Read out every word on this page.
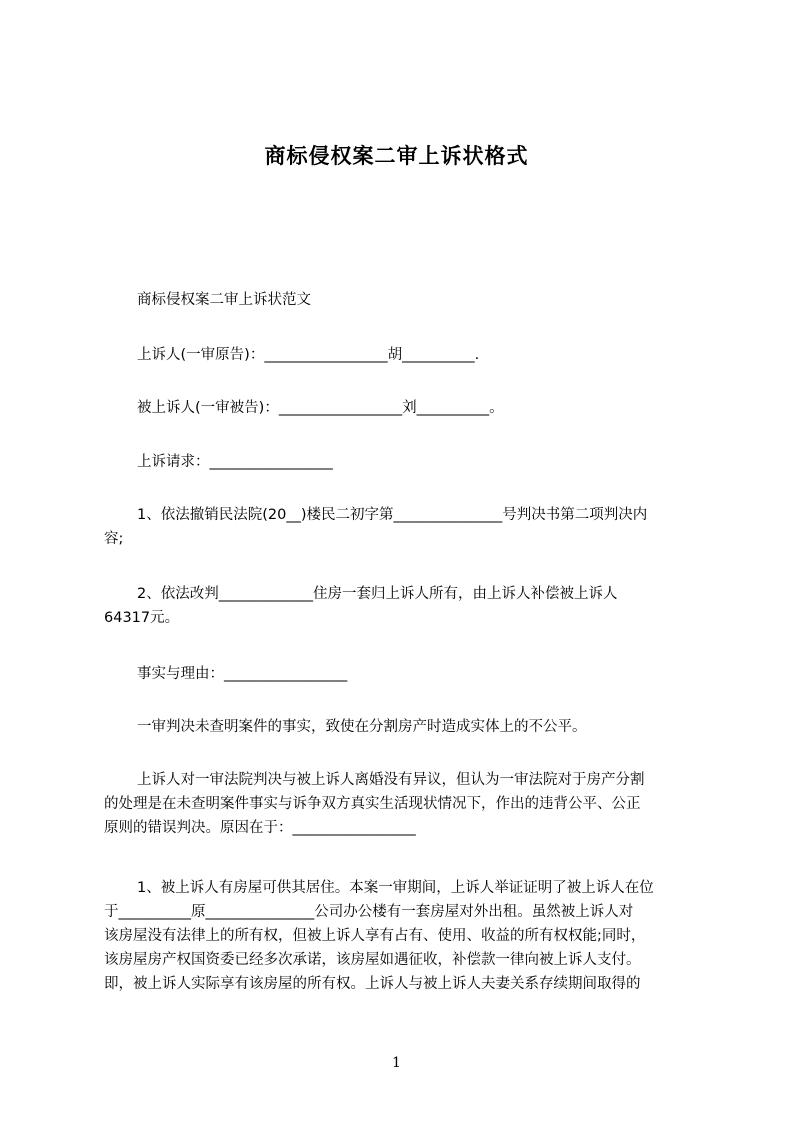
商标侵权案二审上诉状格式
商标侵权案二审上诉状范文
上诉人(一审原告)：_________________胡__________.
被上诉人(一审被告)：_________________刘__________。
上诉请求：_________________
1、依法撤销民法院(20__)楼民二初字第_______________号判决书第二项判决内
容;
2、依法改判_____________住房一套归上诉人所有，由上诉人补偿被上诉人
64317元。
事实与理由：_________________
一审判决未查明案件的事实，致使在分割房产时造成实体上的不公平。
上诉人对一审法院判决与被上诉人离婚没有异议，但认为一审法院对于房产分割
的处理是在未查明案件事实与诉争双方真实生活现状情况下，作出的违背公平、公正
原则的错误判决。原因在于：_________________
1、被上诉人有房屋可供其居住。本案一审期间，上诉人举证证明了被上诉人在位
于__________原_______________公司办公楼有一套房屋对外出租。虽然被上诉人对
该房屋没有法律上的所有权，但被上诉人享有占有、使用、收益的所有权权能;同时，
该房屋房产权国资委已经多次承诺，该房屋如遇征收，补偿款一律向被上诉人支付。
即，被上诉人实际享有该房屋的所有权。上诉人与被上诉人夫妻关系存续期间取得的
1
